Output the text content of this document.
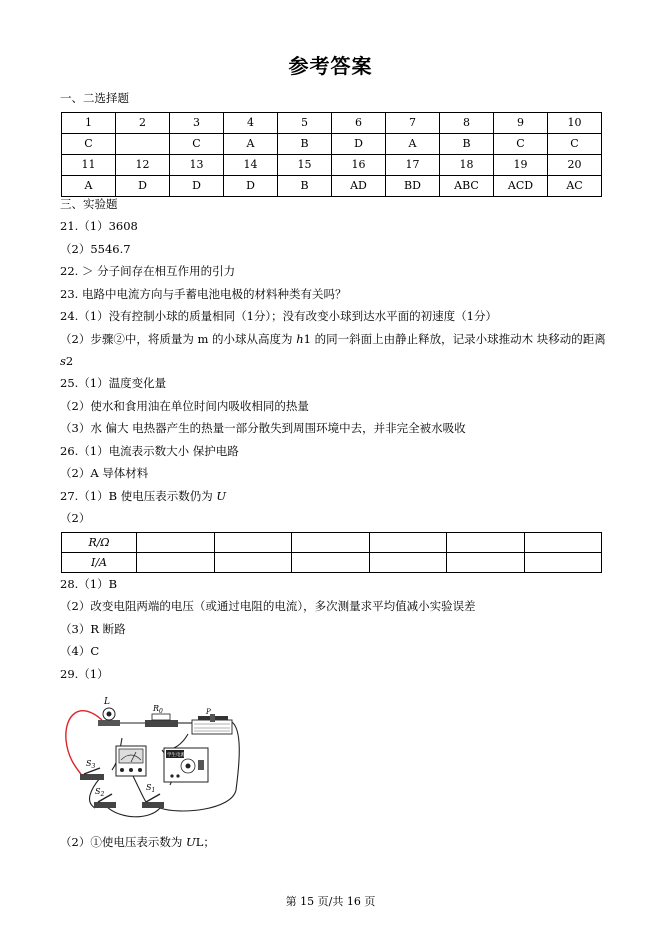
参考答案
一、二选择题
1	2	3	4	5	6	7	8	9	10
C		C	A	B	D	A	B	C	C
11	12	13	14	15	16	17	18	19	20
A	D	D	D	B	AD	BD	ABC	ACD	AC
三、实验题
21.（1）3608
（2）5546.7
22. ＞ 分子间存在相互作用的引力
23. 电路中电流方向与手蓄电池电极的材料种类有关吗？
24.（1）没有控制小球的质量相同（1分）；没有改变小球到达水平面的初速度（1分）
（2）步骤②中，将质量为 m 的小球从高度为 h1 的同一斜面上由静止释放，记录小球推动木 块移动的距离
s2
25.（1）温度变化量
（2）使水和食用油在单位时间内吸收相同的热量
（3）水 偏大 电热器产生的热量一部分散失到周围环境中去，并非完全被水吸收
26.（1）电流表示数大小 保护电路
（2）A 导体材料
27.（1）B 使电压表示数仍为 U
（2）
R/Ω						
I/A						
28.（1）B
（2）改变电阻两端的电压（或通过电阻的电流），多次测量求平均值减小实验误差
（3）R 断路
（4）C
29.（1）
L
$R_0$	P
学生电源
$S_3$
$S_2$
$S_1$
（2）①使电压表示数为 UL；
第 15 页/共 16 页
